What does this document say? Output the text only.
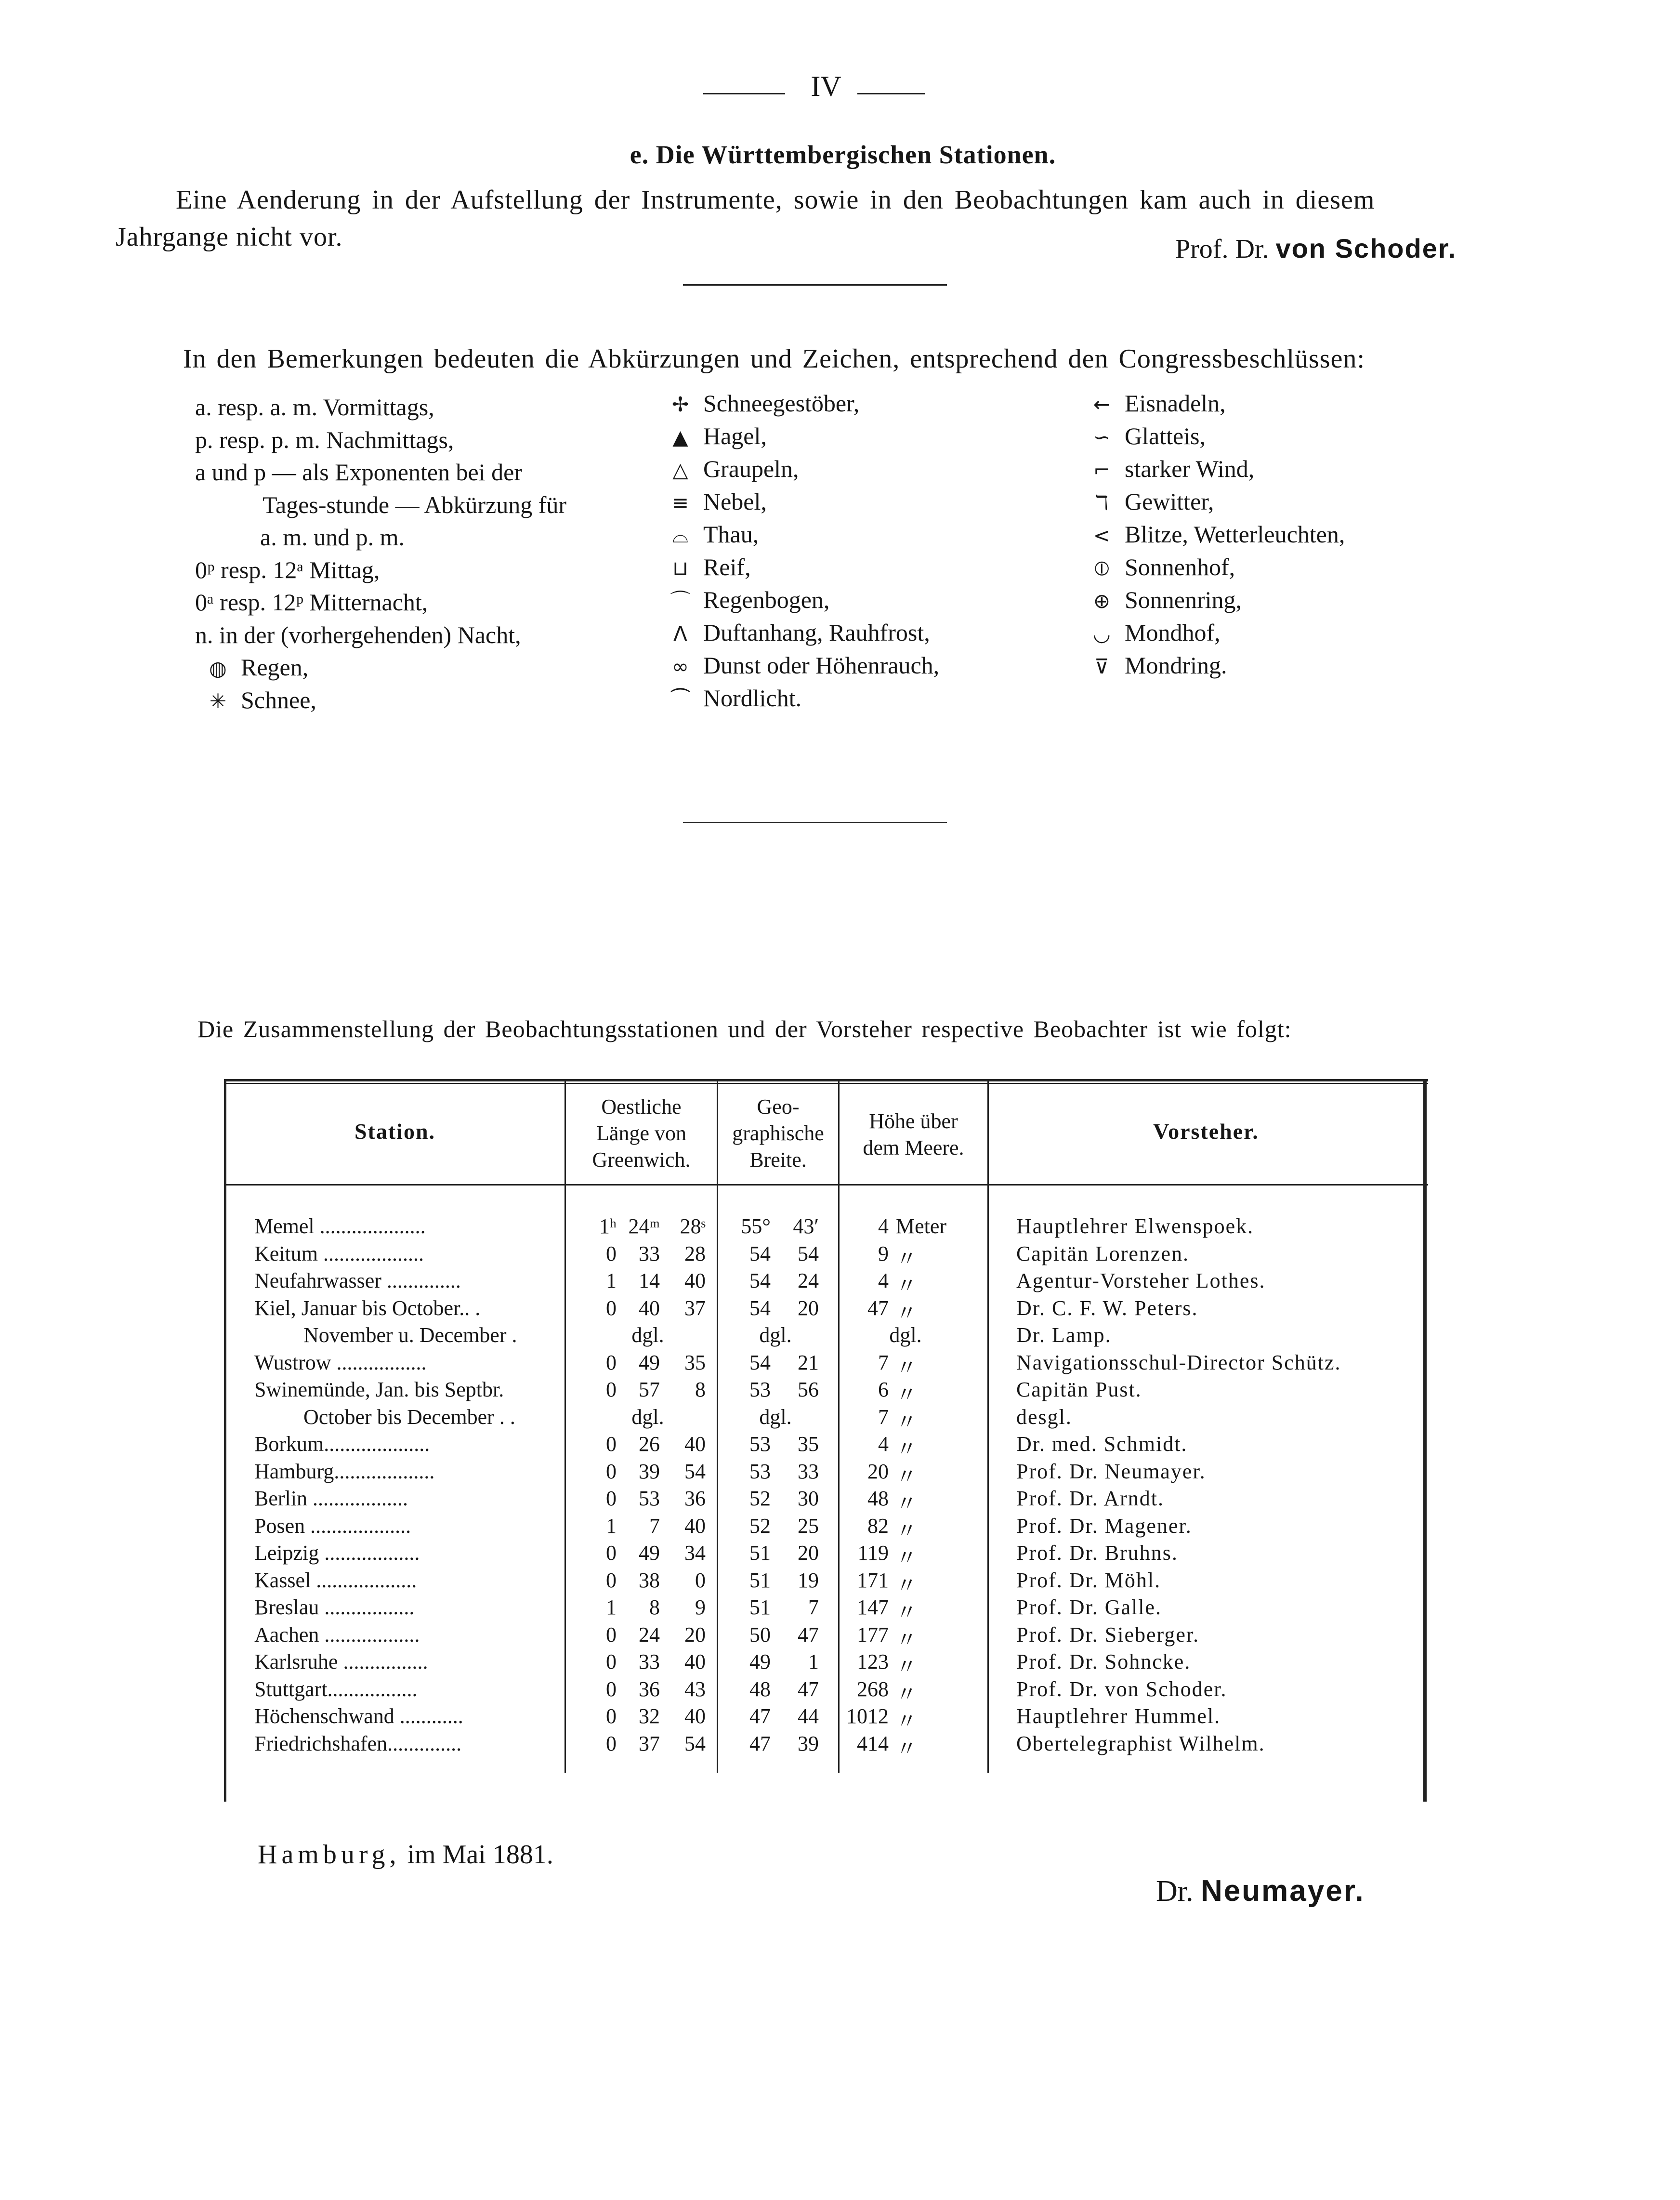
IV
e. Die Württembergischen Stationen.
Eine Aenderung in der Aufstellung der Instrumente, sowie in den Beobachtungen kam auch in diesem
Jahrgange nicht vor.	Prof. Dr. von Schoder.
In den Bemerkungen bedeuten die Abkürzungen und Zeichen, entsprechend den Congressbeschlüssen:
a. resp. a. m. Vormittags,
p. resp. p. m. Nachmittags,
a und p — als Exponenten bei der
Tages-stunde — Abkürzung für
a. m. und p. m.
0ᵖ resp. 12ᵃ Mittag,
0ᵃ resp. 12ᵖ Mitternacht,
n. in der (vorhergehenden) Nacht,
◍ Regen,
✳ Schnee,
✢ Schneegestöber,
▲ Hagel,
△ Graupeln,
≡ Nebel,
⌓ Thau,
⊔ Reif,
⌒ Regenbogen,
Λ Duftanhang, Rauhfrost,
∞ Dunst oder Höhenrauch,
⏜ Nordlicht.
← Eisnadeln,
∽ Glatteis,
⌐ starker Wind,
ℸ Gewitter,
< Blitze, Wetterleuchten,
⦶ Sonnenhof,
⊕ Sonnenring,
◡ Mondhof,
⊽ Mondring.
Die Zusammenstellung der Beobachtungsstationen und der Vorsteher respective Beobachter ist wie folgt:
Station.
Oestliche
Länge von
Greenwich.
Geo-
graphische
Breite.
Höhe über
dem Meere.
Vorsteher.
Memel ....................	1ʰ 24ᵐ 28ˢ	55°	43′	4 Meter	Hauptlehrer Elwenspoek.
Keitum ...................	0	33	28	54	54	9 〃	Capitän Lorenzen.
Neufahrwasser ..............	1	14	40	54	24	4 〃	Agentur-Vorsteher Lothes.
Kiel, Januar bis October.. .	0	40	37	54	20	47 〃	Dr. C. F. W. Peters.
November u. December .	dgl.	dgl.	dgl.	Dr. Lamp.
Wustrow .................	0	49	35	54	21	7 〃	Navigationsschul-Director Schütz.
Swinemünde, Jan. bis Septbr.	0	57	8	53	56	6 〃	Capitän Pust.
October bis December . .	dgl.	dgl.	7 〃	desgl.
Borkum....................	0	26	40	53	35	4 〃	Dr. med. Schmidt.
Hamburg...................	0	39	54	53	33	20 〃	Prof. Dr. Neumayer.
Berlin ..................	0	53	36	52	30	48 〃	Prof. Dr. Arndt.
Posen ...................	1	7	40	52	25	82 〃	Prof. Dr. Magener.
Leipzig ..................	0	49	34	51	20	119 〃	Prof. Dr. Bruhns.
Kassel ...................	0	38	0	51	19	171 〃	Prof. Dr. Möhl.
Breslau .................	1	8	9	51	7	147 〃	Prof. Dr. Galle.
Aachen ..................	0	24	20	50	47	177 〃	Prof. Dr. Sieberger.
Karlsruhe ................	0	33	40	49	1	123 〃	Prof. Dr. Sohncke.
Stuttgart.................	0	36	43	48	47	268 〃	Prof. Dr. von Schoder.
Höchenschwand ............	0	32	40	47	44 1012 〃	Hauptlehrer Hummel.
Friedrichshafen..............	0	37	54	47	39	414 〃	Obertelegraphist Wilhelm.
Hamburg, im Mai 1881.
Dr. Neumayer.
